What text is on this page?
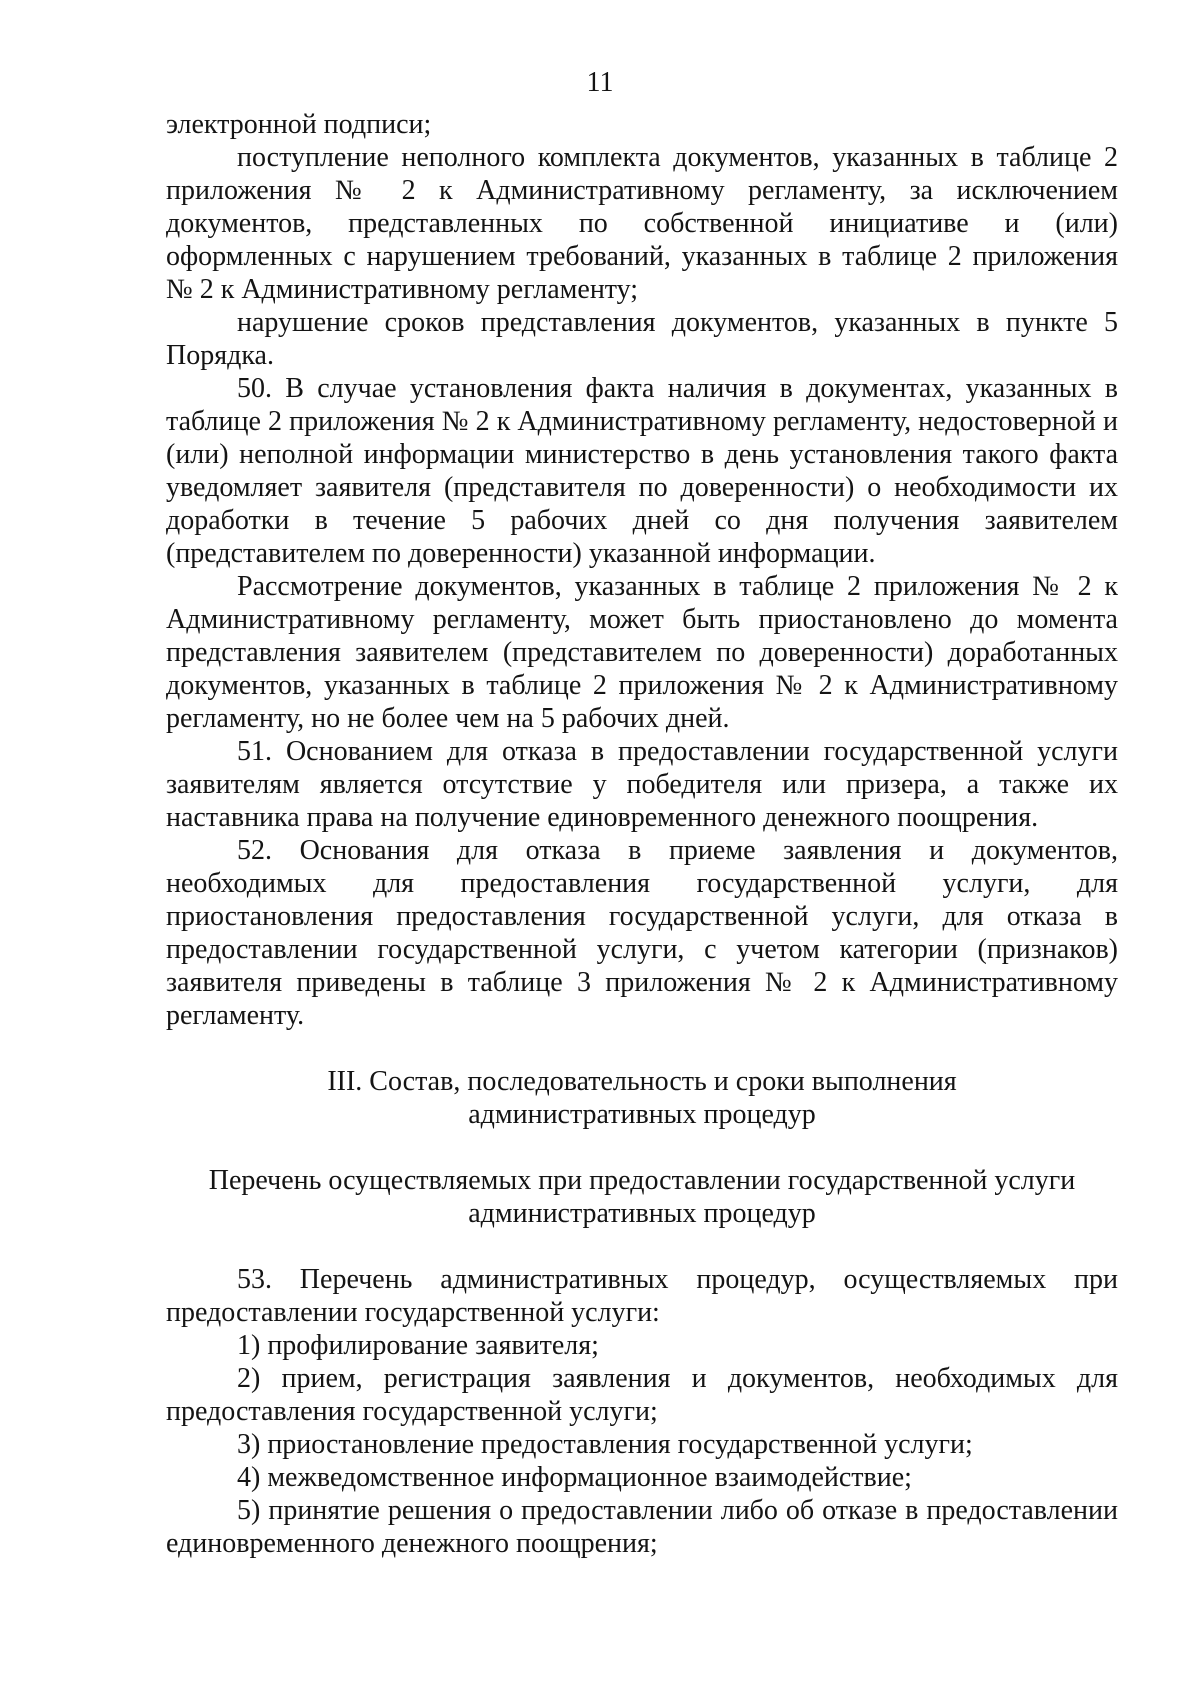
11

электронной подписи;

поступление неполного комплекта документов, указанных в таблице 2 приложения № 2 к Административному регламенту, за исключением документов, представленных по собственной инициативе и (или) оформленных с нарушением требований, указанных в таблице 2 приложения № 2 к Административному регламенту;

нарушение сроков представления документов, указанных в пункте 5 Порядка.

50. В случае установления факта наличия в документах, указанных в таблице 2 приложения № 2 к Административному регламенту, недостоверной и (или) неполной информации министерство в день установления такого факта уведомляет заявителя (представителя по доверенности) о необходимости их доработки в течение 5 рабочих дней со дня получения заявителем (представителем по доверенности) указанной информации.

Рассмотрение документов, указанных в таблице 2 приложения № 2 к Административному регламенту, может быть приостановлено до момента представления заявителем (представителем по доверенности) доработанных документов, указанных в таблице 2 приложения № 2 к Административному регламенту, но не более чем на 5 рабочих дней.

51. Основанием для отказа в предоставлении государственной услуги заявителям является отсутствие у победителя или призера, а также их наставника права на получение единовременного денежного поощрения.

52. Основания для отказа в приеме заявления и документов, необходимых для предоставления государственной услуги, для приостановления предоставления государственной услуги, для отказа в предоставлении государственной услуги, с учетом категории (признаков) заявителя приведены в таблице 3 приложения № 2 к Административному регламенту.

III. Состав, последовательность и сроки выполнения

административных процедур

Перечень осуществляемых при предоставлении государственной услуги

административных процедур

53. Перечень административных процедур, осуществляемых при предоставлении государственной услуги:

1) профилирование заявителя;

2) прием, регистрация заявления и документов, необходимых для предоставления государственной услуги;

3) приостановление предоставления государственной услуги;

4) межведомственное информационное взаимодействие;

5) принятие решения о предоставлении либо об отказе в предоставлении единовременного денежного поощрения;
